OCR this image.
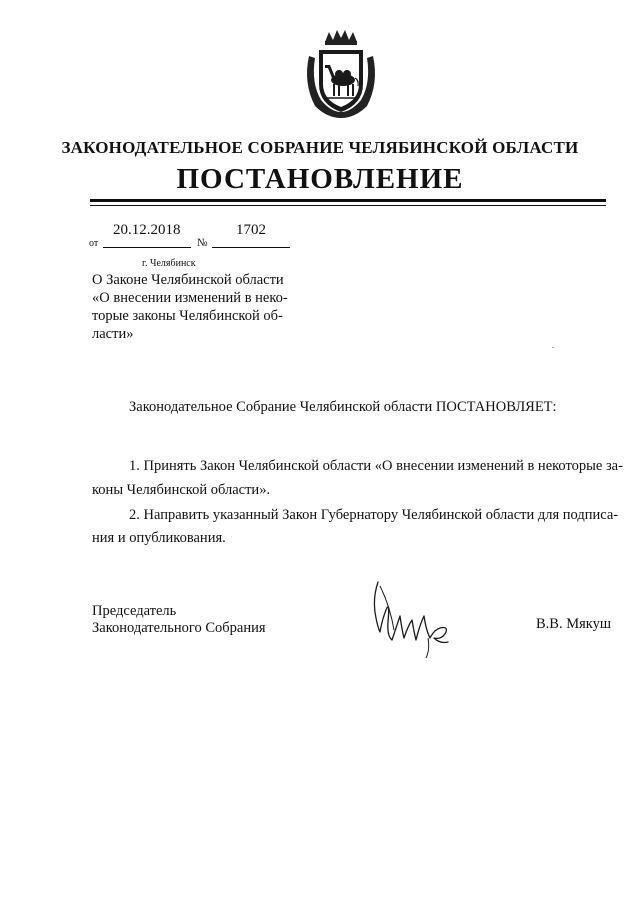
ЗАКОНОДАТЕЛЬНОЕ СОБРАНИЕ ЧЕЛЯБИНСКОЙ ОБЛАСТИ
ПОСТАНОВЛЕНИЕ
20.12.2018	1702
от	№
г. Челябинск
О Законе Челябинской области
«О внесении изменений в неко-
торые законы Челябинской об-
ласти»
Законодательное Собрание Челябинской области ПОСТАНОВЛЯЕТ:
1. Принять Закон Челябинской области «О внесении изменений в некоторые за-
коны Челябинской области».
2. Направить указанный Закон Губернатору Челябинской области для подписа-
ния и опубликования.
Председатель
Законодательного Собрания	В.В. Мякуш
